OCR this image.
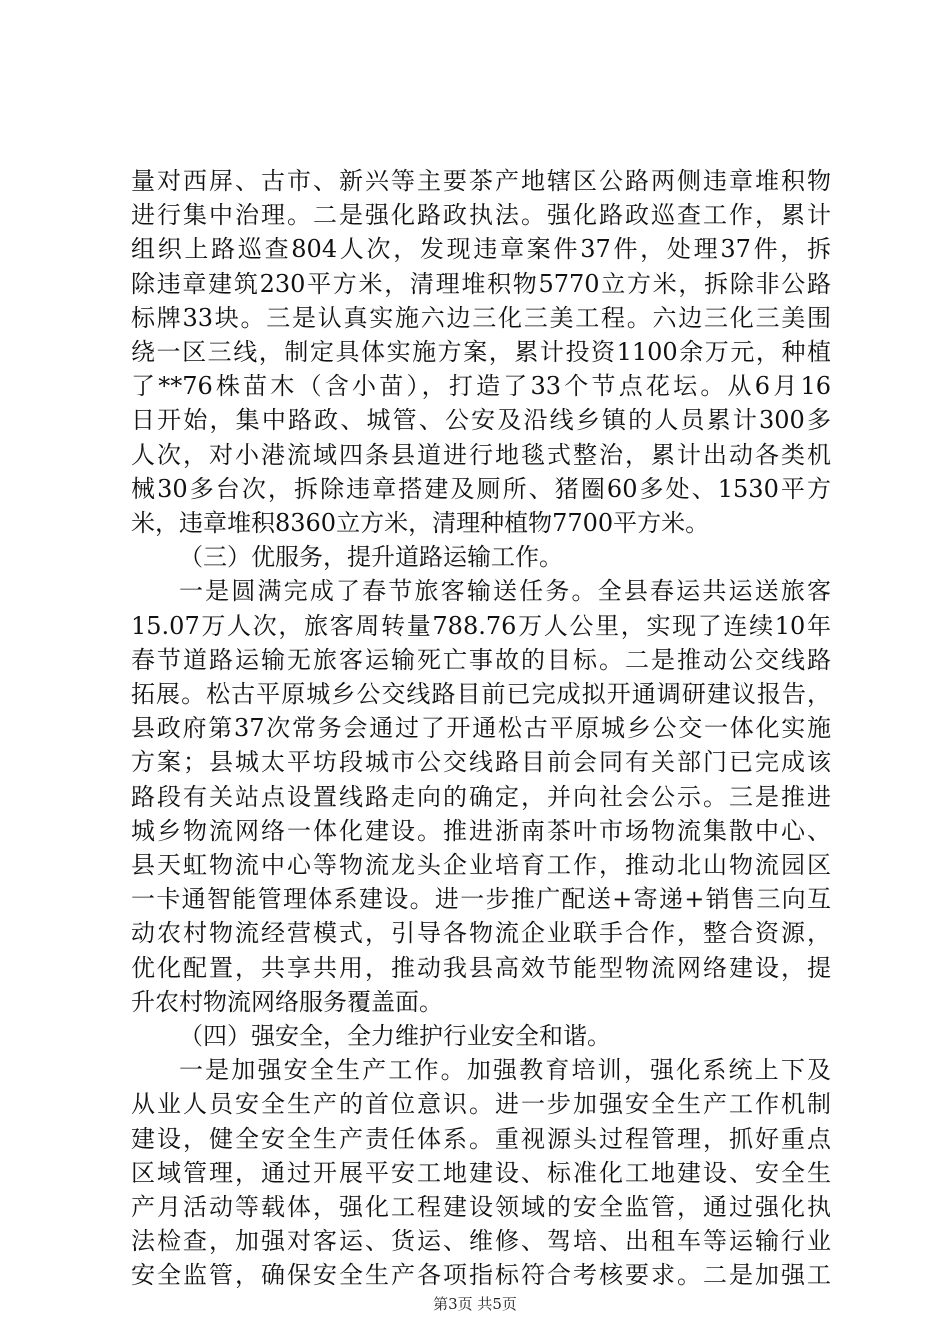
量对西屏、古市、新兴等主要茶产地辖区公路两侧违章堆积物
进行集中治理。二是强化路政执法。强化路政巡查工作，累计
组织上路巡查804人次，发现违章案件37件，处理37件，拆
除违章建筑230平方米，清理堆积物5770立方米，拆除非公路
标牌33块。三是认真实施六边三化三美工程。六边三化三美围
绕一区三线，制定具体实施方案，累计投资1100余万元，种植
了**76株苗木（含小苗），打造了33个节点花坛。从6月16
日开始，集中路政、城管、公安及沿线乡镇的人员累计300多
人次，对小港流域四条县道进行地毯式整治，累计出动各类机
械30多台次，拆除违章搭建及厕所、猪圈60多处、1530平方
米，违章堆积8360立方米，清理种植物7700平方米。
（三）优服务，提升道路运输工作。
一是圆满完成了春节旅客输送任务。全县春运共运送旅客
15.07万人次，旅客周转量788.76万人公里，实现了连续10年
春节道路运输无旅客运输死亡事故的目标。二是推动公交线路
拓展。松古平原城乡公交线路目前已完成拟开通调研建议报告，
县政府第37次常务会通过了开通松古平原城乡公交一体化实施
方案；县城太平坊段城市公交线路目前会同有关部门已完成该
路段有关站点设置线路走向的确定，并向社会公示。三是推进
城乡物流网络一体化建设。推进浙南茶叶市场物流集散中心、
县天虹物流中心等物流龙头企业培育工作，推动北山物流园区
一卡通智能管理体系建设。进一步推广配送+寄递+销售三向互
动农村物流经营模式，引导各物流企业联手合作，整合资源，
优化配置，共享共用，推动我县高效节能型物流网络建设，提
升农村物流网络服务覆盖面。
（四）强安全，全力维护行业安全和谐。
一是加强安全生产工作。加强教育培训，强化系统上下及
从业人员安全生产的首位意识。进一步加强安全生产工作机制
建设，健全安全生产责任体系。重视源头过程管理，抓好重点
区域管理，通过开展平安工地建设、标准化工地建设、安全生
产月活动等载体，强化工程建设领域的安全监管，通过强化执
法检查，加强对客运、货运、维修、驾培、出租车等运输行业
安全监管，确保安全生产各项指标符合考核要求。二是加强工
第3页 共5页
